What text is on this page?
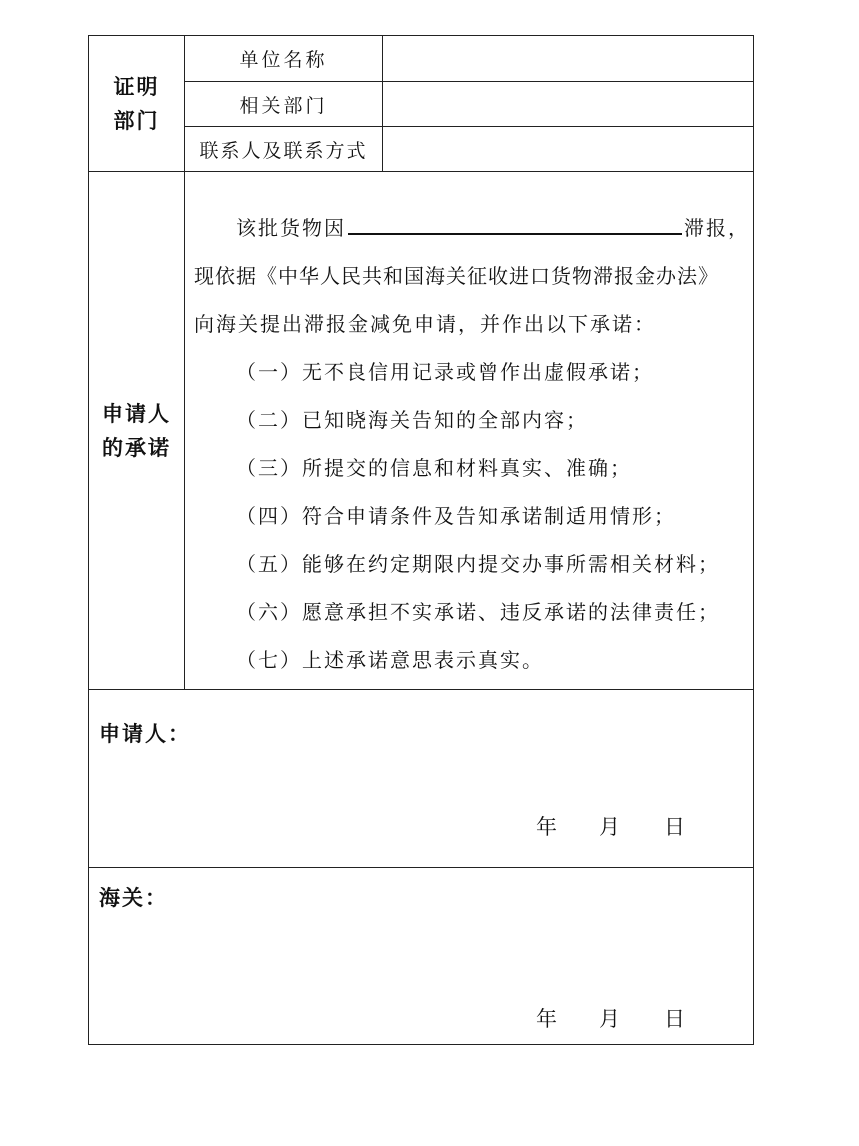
证明
部门
单位名称
相关部门
联系人及联系方式
申请人
的承诺
该批货物因	滞报，
现依据《中华人民共和国海关征收进口货物滞报金办法》
向海关提出滞报金减免申请，并作出以下承诺：
（一）无不良信用记录或曾作出虚假承诺；
（二）已知晓海关告知的全部内容；
（三）所提交的信息和材料真实、准确；
（四）符合申请条件及告知承诺制适用情形；
（五）能够在约定期限内提交办事所需相关材料；
（六）愿意承担不实承诺、违反承诺的法律责任；
（七）上述承诺意思表示真实。
申请人：
年 月 日
海关：
年 月 日
